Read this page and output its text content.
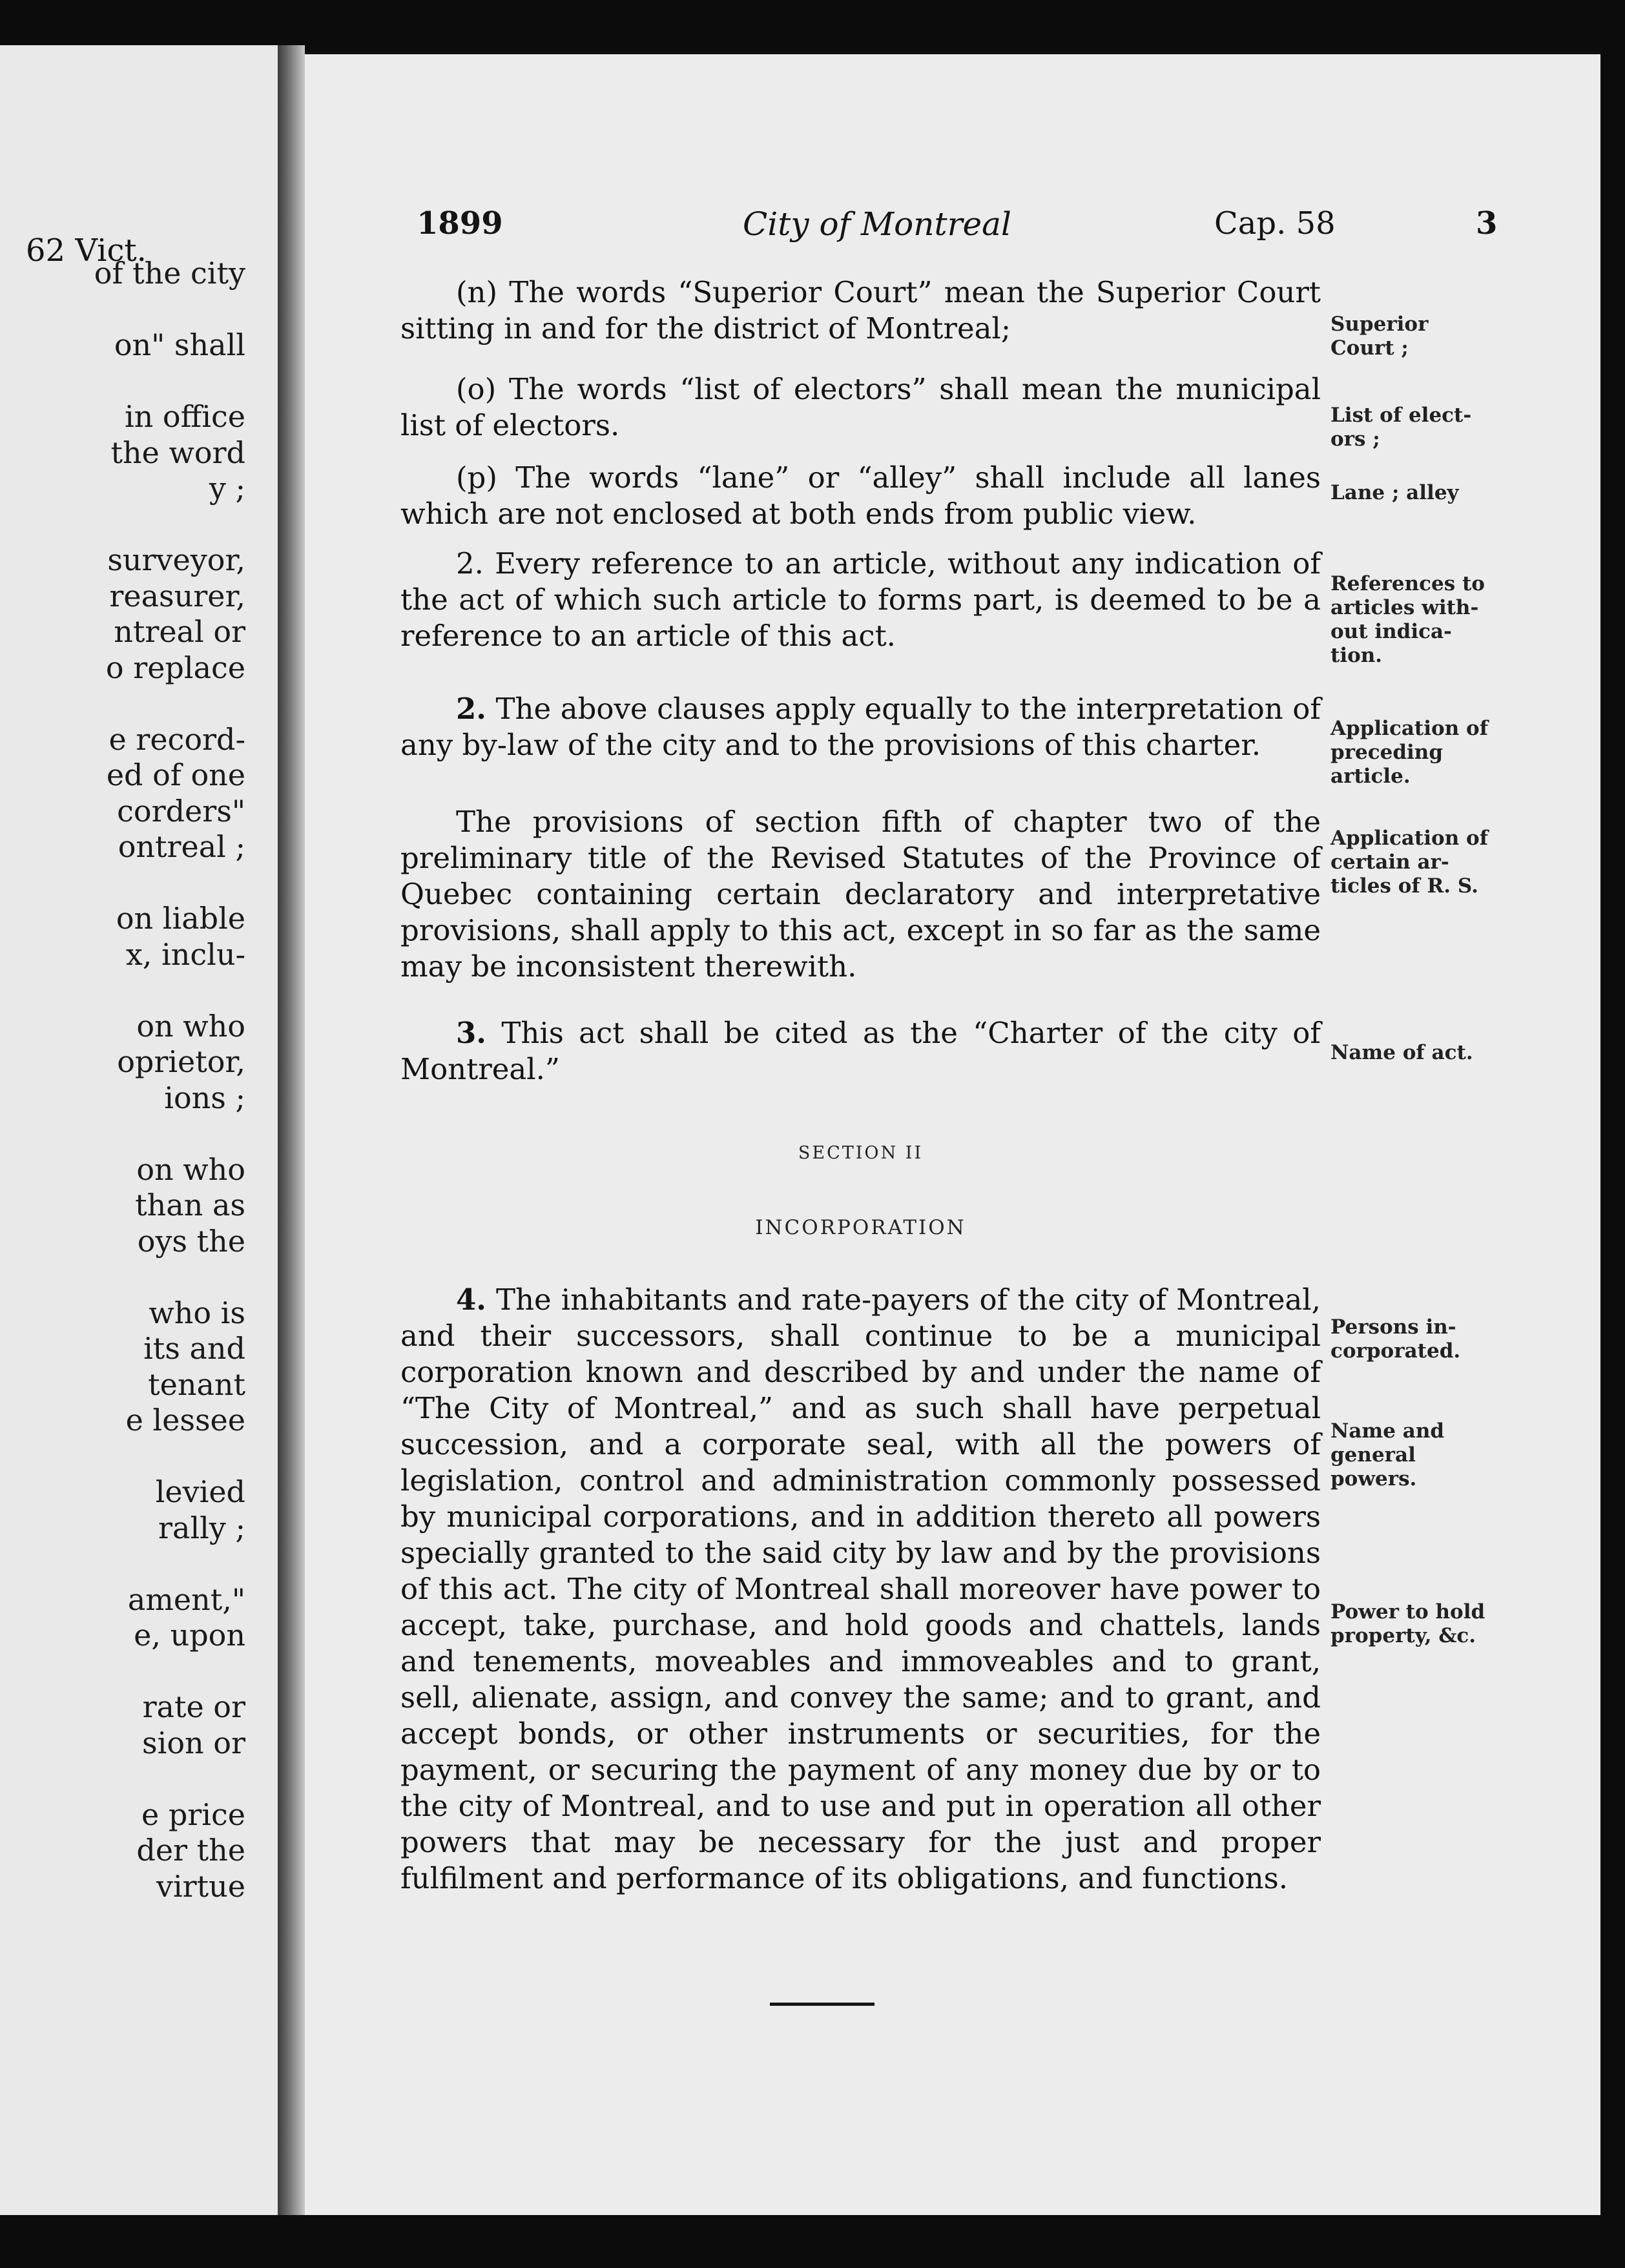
62 Vict.
of the city
on" shall
in office
the word
y ;
surveyor,
reasurer,
ntreal or
o replace
e record-
ed of one
corders"
ontreal ;
on liable
x, inclu-
on who
oprietor,
ions ;
on who
than as
oys the
who is
its and
tenant
e lessee
levied
rally ;
ament,"
e, upon
rate or
sion or
e price
der the
virtue
1899	City of Montreal	Cap. 58	3
(n) The words “Superior Court” mean the Superior Court sitting in and for the district of Montreal;	Superior Court ;
(o) The words “list of electors” shall mean the municipal list of electors.	List of elect-ors ;
(p) The words “lane” or “alley” shall include all lanes which are not enclosed at both ends from public view.
Lane ; alley
2. Every reference to an article, without any indication of the act of which such article to forms part, is deemed to be a reference to an article of this act.
References to articles with-out indica-tion.
2. The above clauses apply equally to the interpretation of any by-law of the city and to the provisions of this charter.	Application of preceding article.
The provisions of section fifth of chapter two of the preliminary title of the Revised Statutes of the Province of Quebec containing certain declaratory and interpretative provisions, shall apply to this act, except in so far as the same may be inconsistent therewith.
Application of certain ar-ticles of R. S.
3. This act shall be cited as the “Charter of the city of Montreal.”	Name of act.
SECTION II
INCORPORATION
4. The inhabitants and rate-payers of the city of Montreal, and their successors, shall continue to be a municipal corporation known and described by and under the name of “The City of Montreal,” and as such shall have perpetual succession, and a corporate seal, with all the powers of legislation, control and administration commonly possessed by municipal corporations, and in addition thereto all powers specially granted to the said city by law and by the provisions of this act. The city of Montreal shall moreover have power to accept, take, purchase, and hold goods and chattels, lands and tenements, moveables and immoveables and to grant, sell, alienate, assign, and convey the same; and to grant, and accept bonds, or other instruments or securities, for the payment, or securing the payment of any money due by or to the city of Montreal, and to use and put in operation all other powers that may be necessary for the just and proper fulfilment and performance of its obligations, and functions.
Persons in-corporated.
Name and general powers.
Power to hold property, &c.
